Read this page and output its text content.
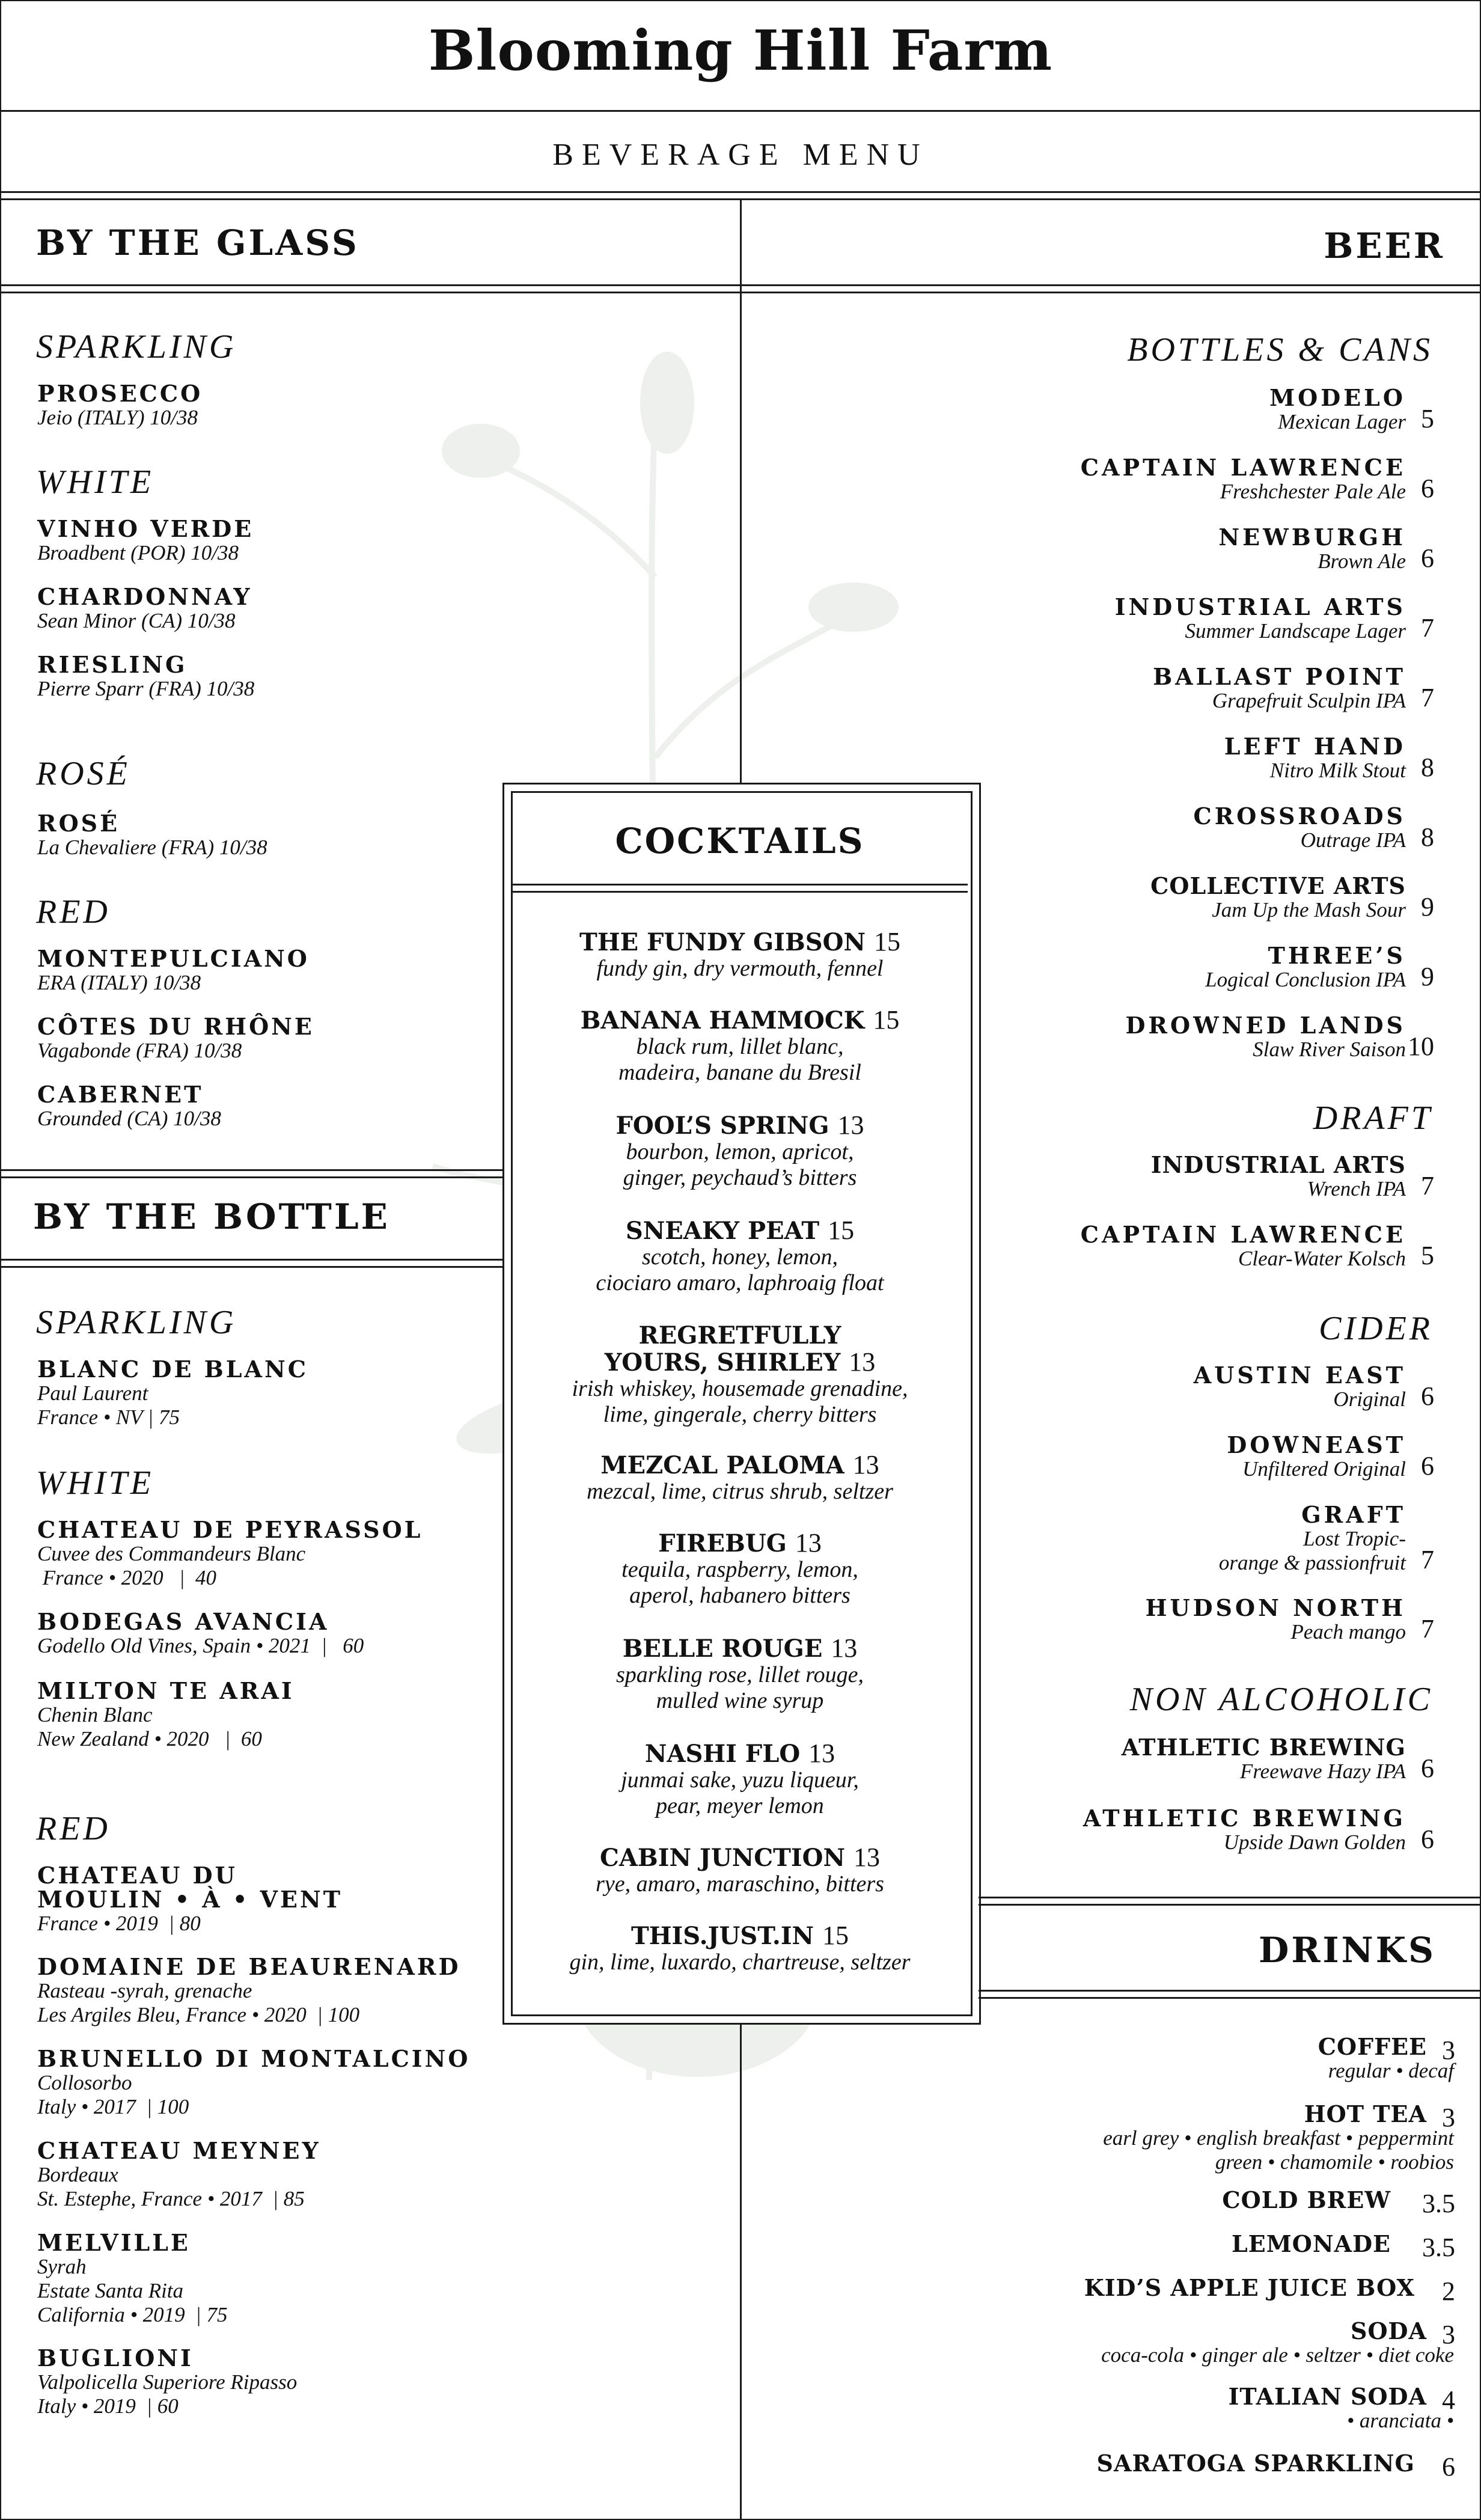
Blooming Hill Farm
BEVERAGE MENU
BY THE GLASS
SPARKLING
PROSECCO
Jeio (ITALY) 10/38
WHITE
VINHO VERDE
Broadbent (POR) 10/38
CHARDONNAY
Sean Minor (CA) 10/38
RIESLING
Pierre Sparr (FRA) 10/38
ROSÉ
ROSÉ
La Chevaliere (FRA) 10/38
RED
MONTEPULCIANO
ERA (ITALY) 10/38
CÔTES DU RHÔNE
Vagabonde (FRA) 10/38
CABERNET
Grounded (CA) 10/38
BY THE BOTTLE
SPARKLING
BLANC DE BLANC
Paul Laurent
France • NV | 75
WHITE
CHATEAU DE PEYRASSOL
Cuvee des Commandeurs Blanc
France • 2020   |  40
BODEGAS AVANCIA
Godello Old Vines, Spain • 2021  |   60
MILTON TE ARAI
Chenin Blanc
New Zealand • 2020   |  60
RED
CHATEAU DU
MOULIN • À • VENT
France • 2019  | 80
DOMAINE DE BEAURENARD
Rasteau -syrah, grenache
Les Argiles Bleu, France • 2020  | 100
BRUNELLO DI MONTALCINO
Collosorbo
Italy • 2017  | 100
CHATEAU MEYNEY
Bordeaux
St. Estephe, France • 2017  | 85
MELVILLE
Syrah
Estate Santa Rita
California • 2019  | 75
BUGLIONI
Valpolicella Superiore Ripasso
Italy • 2019  | 60
COCKTAILS
THE FUNDY GIBSON 15
fundy gin, dry vermouth, fennel
BANANA HAMMOCK 15
black rum, lillet blanc,
madeira, banane du Bresil
FOOL’S SPRING 13
bourbon, lemon, apricot,
ginger, peychaud’s bitters
SNEAKY PEAT 15
scotch, honey, lemon,
ciociaro amaro, laphroaig float
REGRETFULLY
YOURS, SHIRLEY 13
irish whiskey, housemade grenadine,
lime, gingerale, cherry bitters
MEZCAL PALOMA 13
mezcal, lime, citrus shrub, seltzer
FIREBUG 13
tequila, raspberry, lemon,
aperol, habanero bitters
BELLE ROUGE 13
sparkling rose, lillet rouge,
mulled wine syrup
NASHI FLO 13
junmai sake, yuzu liqueur,
pear, meyer lemon
CABIN JUNCTION 13
rye, amaro, maraschino, bitters
THIS.JUST.IN 15
gin, lime, luxardo, chartreuse, seltzer
BEER
BOTTLES & CANS
MODELO
Mexican Lager 5
CAPTAIN LAWRENCE
Freshchester Pale Ale 6
NEWBURGH
Brown Ale 6
INDUSTRIAL ARTS
Summer Landscape Lager 7
BALLAST POINT
Grapefruit Sculpin IPA 7
LEFT HAND
Nitro Milk Stout 8
CROSSROADS
Outrage IPA 8
COLLECTIVE ARTS
Jam Up the Mash Sour 9
THREE’S
Logical Conclusion IPA 9
DROWNED LANDS
Slaw River Saison 10
DRAFT
INDUSTRIAL ARTS
Wrench IPA 7
CAPTAIN LAWRENCE
Clear-Water Kolsch 5
CIDER
AUSTIN EAST
Original 6
DOWNEAST
Unfiltered Original 6
GRAFT
Lost Tropic-
orange & passionfruit 7
HUDSON NORTH
Peach mango 7
NON ALCOHOLIC
ATHLETIC BREWING
Freewave Hazy IPA 6
ATHLETIC BREWING
Upside Dawn Golden 6
DRINKS
COFFEE
regular • decaf
3
HOT TEA
earl grey • english breakfast • peppermint
green • chamomile • roobios
3
COLD BREW 3.5
LEMONADE 3.5
KID’S APPLE JUICE BOX 2
SODA
coca-cola • ginger ale • seltzer • diet coke
3
ITALIAN SODA
• aranciata •
4
SARATOGA SPARKLING 6
